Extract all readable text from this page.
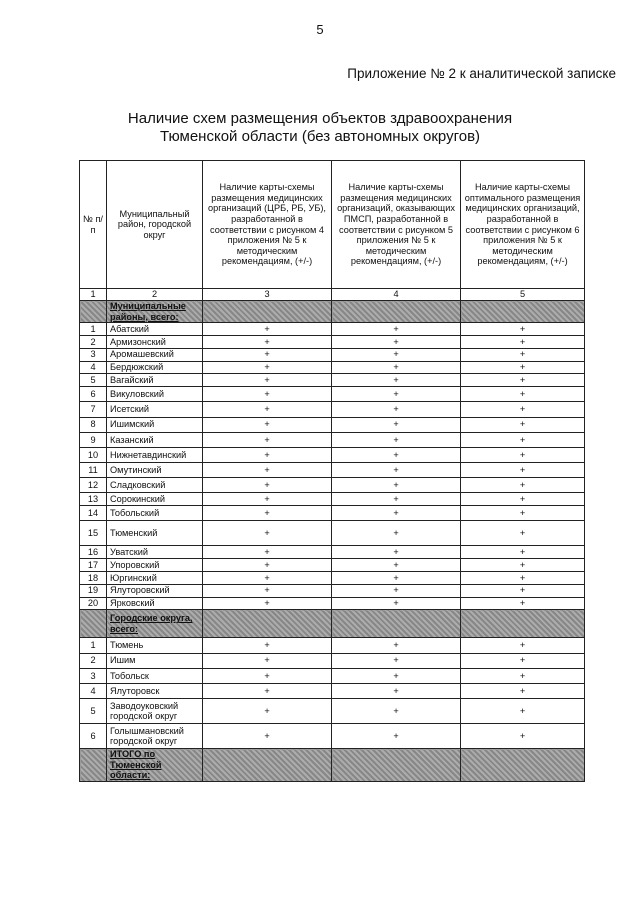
5
Приложение № 2 к аналитической записке
Наличие схем размещения объектов здравоохранения
Тюменской области (без автономных округов)
№ п/п	Муниципальный район, городской округ	Наличие карты-схемы размещения медицинских организаций (ЦРБ, РБ, УБ), разработанной в соответствии с рисунком 4 приложения № 5 к методическим рекомендациям, (+/-)	Наличие карты-схемы размещения медицинских организаций, оказывающих ПМСП, разработанной в соответствии с рисунком 5 приложения № 5 к методическим рекомендациям, (+/-)	Наличие карты-схемы оптимального размещения медицинских организаций, разработанной в соответствии с рисунком 6 приложения № 5 к методическим рекомендациям, (+/-)
1	2	3	4	5
	Муниципальные районы, всего:			
1	Абатский	+	+	+
2	Армизонский	+	+	+
3	Аромашевский	+	+	+
4	Бердюжский	+	+	+
5	Вагайский	+	+	+
6	Викуловский	+	+	+
7	Исетский	+	+	+
8	Ишимский	+	+	+
9	Казанский	+	+	+
10	Нижнетавдинский	+	+	+
11	Омутинский	+	+	+
12	Сладковский	+	+	+
13	Сорокинский	+	+	+
14	Тобольский	+	+	+
15	Тюменский	+	+	+
16	Уватский	+	+	+
17	Упоровский	+	+	+
18	Юргинский	+	+	+
19	Ялуторовский	+	+	+
20	Ярковский	+	+	+
	Городские округа, всего:			
1	Тюмень	+	+	+
2	Ишим	+	+	+
3	Тобольск	+	+	+
4	Ялуторовск	+	+	+
5	Заводоуковский городской округ	+	+	+
6	Голышмановский городской округ	+	+	+
	ИТОГО по Тюменской области:			
